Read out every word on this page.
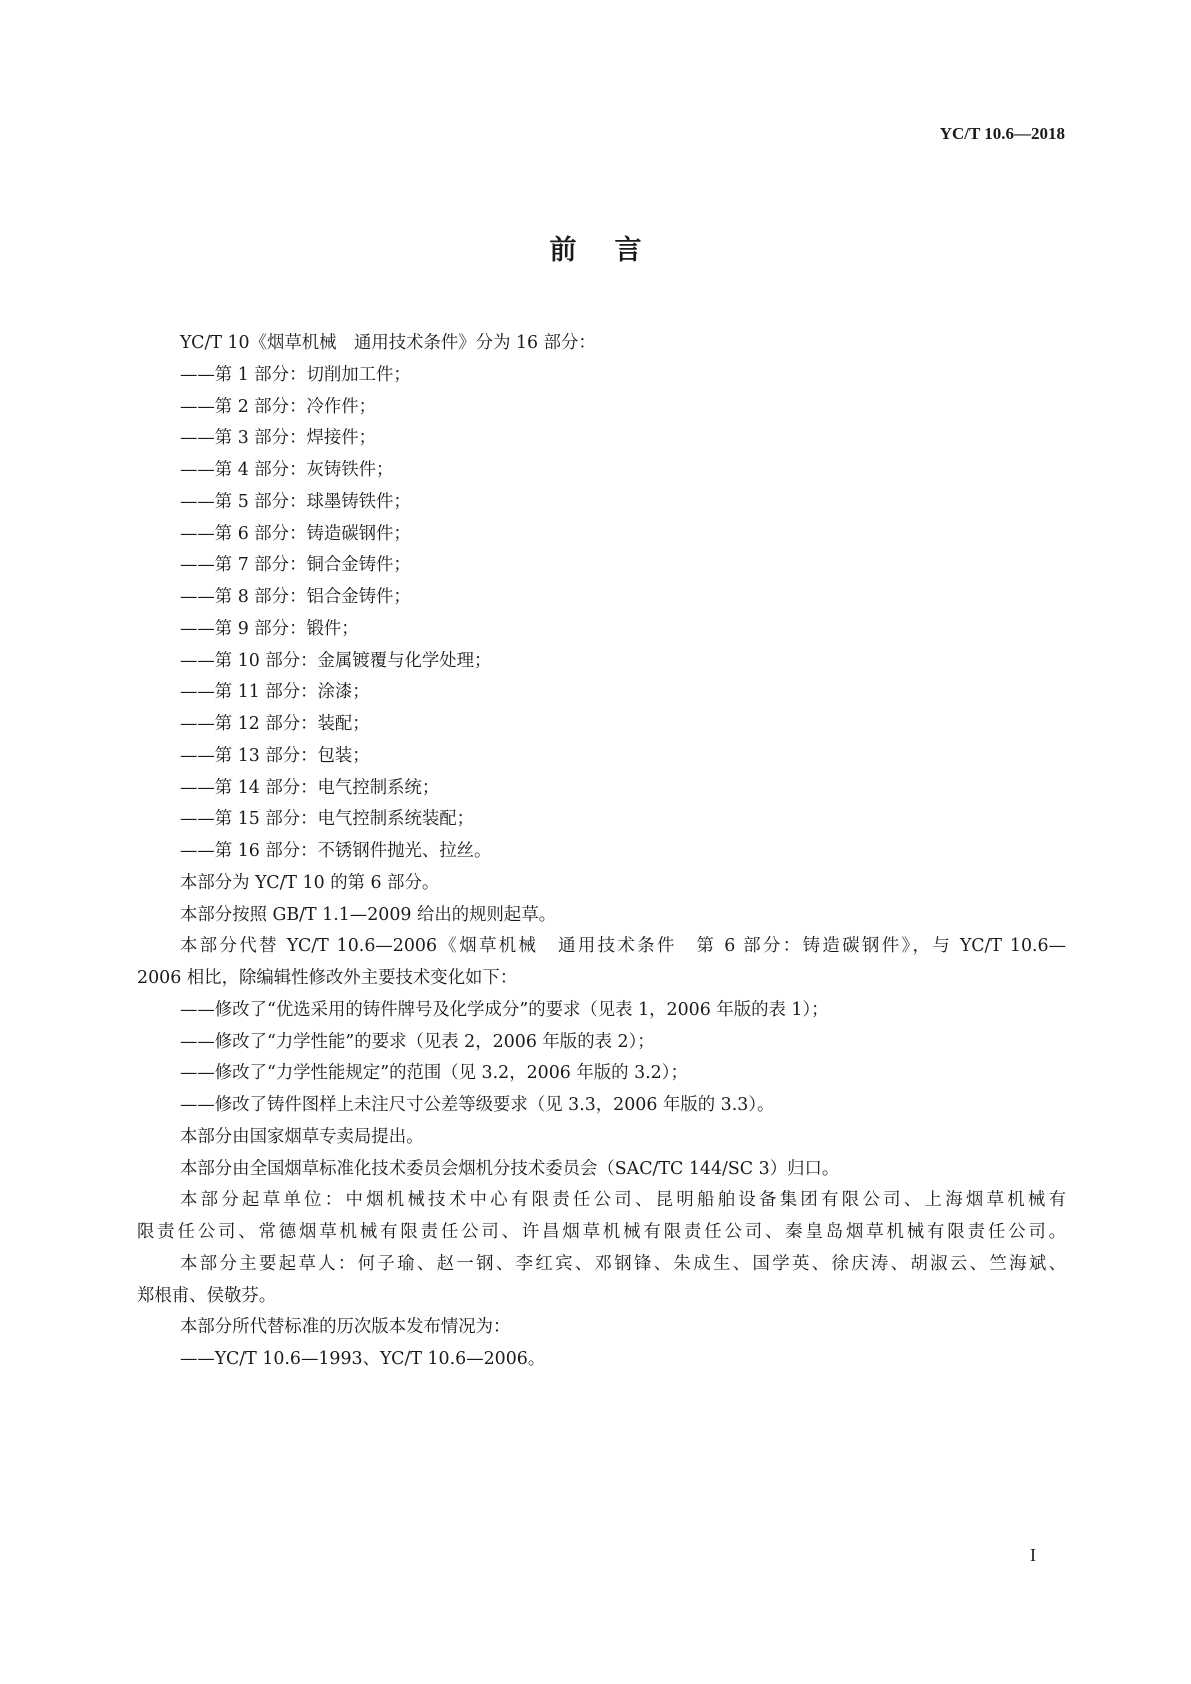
YC/T 10.6—2018
前言
YC/T 10《烟草机械　通用技术条件》分为 16 部分：
——第 1 部分：切削加工件；
——第 2 部分：冷作件；
——第 3 部分：焊接件；
——第 4 部分：灰铸铁件；
——第 5 部分：球墨铸铁件；
——第 6 部分：铸造碳钢件；
——第 7 部分：铜合金铸件；
——第 8 部分：铝合金铸件；
——第 9 部分：锻件；
——第 10 部分：金属镀覆与化学处理；
——第 11 部分：涂漆；
——第 12 部分：装配；
——第 13 部分：包装；
——第 14 部分：电气控制系统；
——第 15 部分：电气控制系统装配；
——第 16 部分：不锈钢件抛光、拉丝。
本部分为 YC/T 10 的第 6 部分。
本部分按照 GB/T 1.1—2009 给出的规则起草。
本部分代替 YC/T 10.6—2006《烟草机械　通用技术条件　第 6 部分：铸造碳钢件》，与 YC/T 10.6—
2006 相比，除编辑性修改外主要技术变化如下：
——修改了“优选采用的铸件牌号及化学成分”的要求（见表 1，2006 年版的表 1）；
——修改了“力学性能”的要求（见表 2，2006 年版的表 2）；
——修改了“力学性能规定”的范围（见 3.2，2006 年版的 3.2）；
——修改了铸件图样上未注尺寸公差等级要求（见 3.3，2006 年版的 3.3）。
本部分由国家烟草专卖局提出。
本部分由全国烟草标准化技术委员会烟机分技术委员会（SAC/TC 144/SC 3）归口。
本部分起草单位：中烟机械技术中心有限责任公司、昆明船舶设备集团有限公司、上海烟草机械有
限责任公司、常德烟草机械有限责任公司、许昌烟草机械有限责任公司、秦皇岛烟草机械有限责任公司。
本部分主要起草人：何子瑜、赵一钢、李红宾、邓钢锋、朱成生、国学英、徐庆涛、胡淑云、竺海斌、
郑根甫、侯敬芬。
本部分所代替标准的历次版本发布情况为：
——YC/T 10.6—1993、YC/T 10.6—2006。
I
